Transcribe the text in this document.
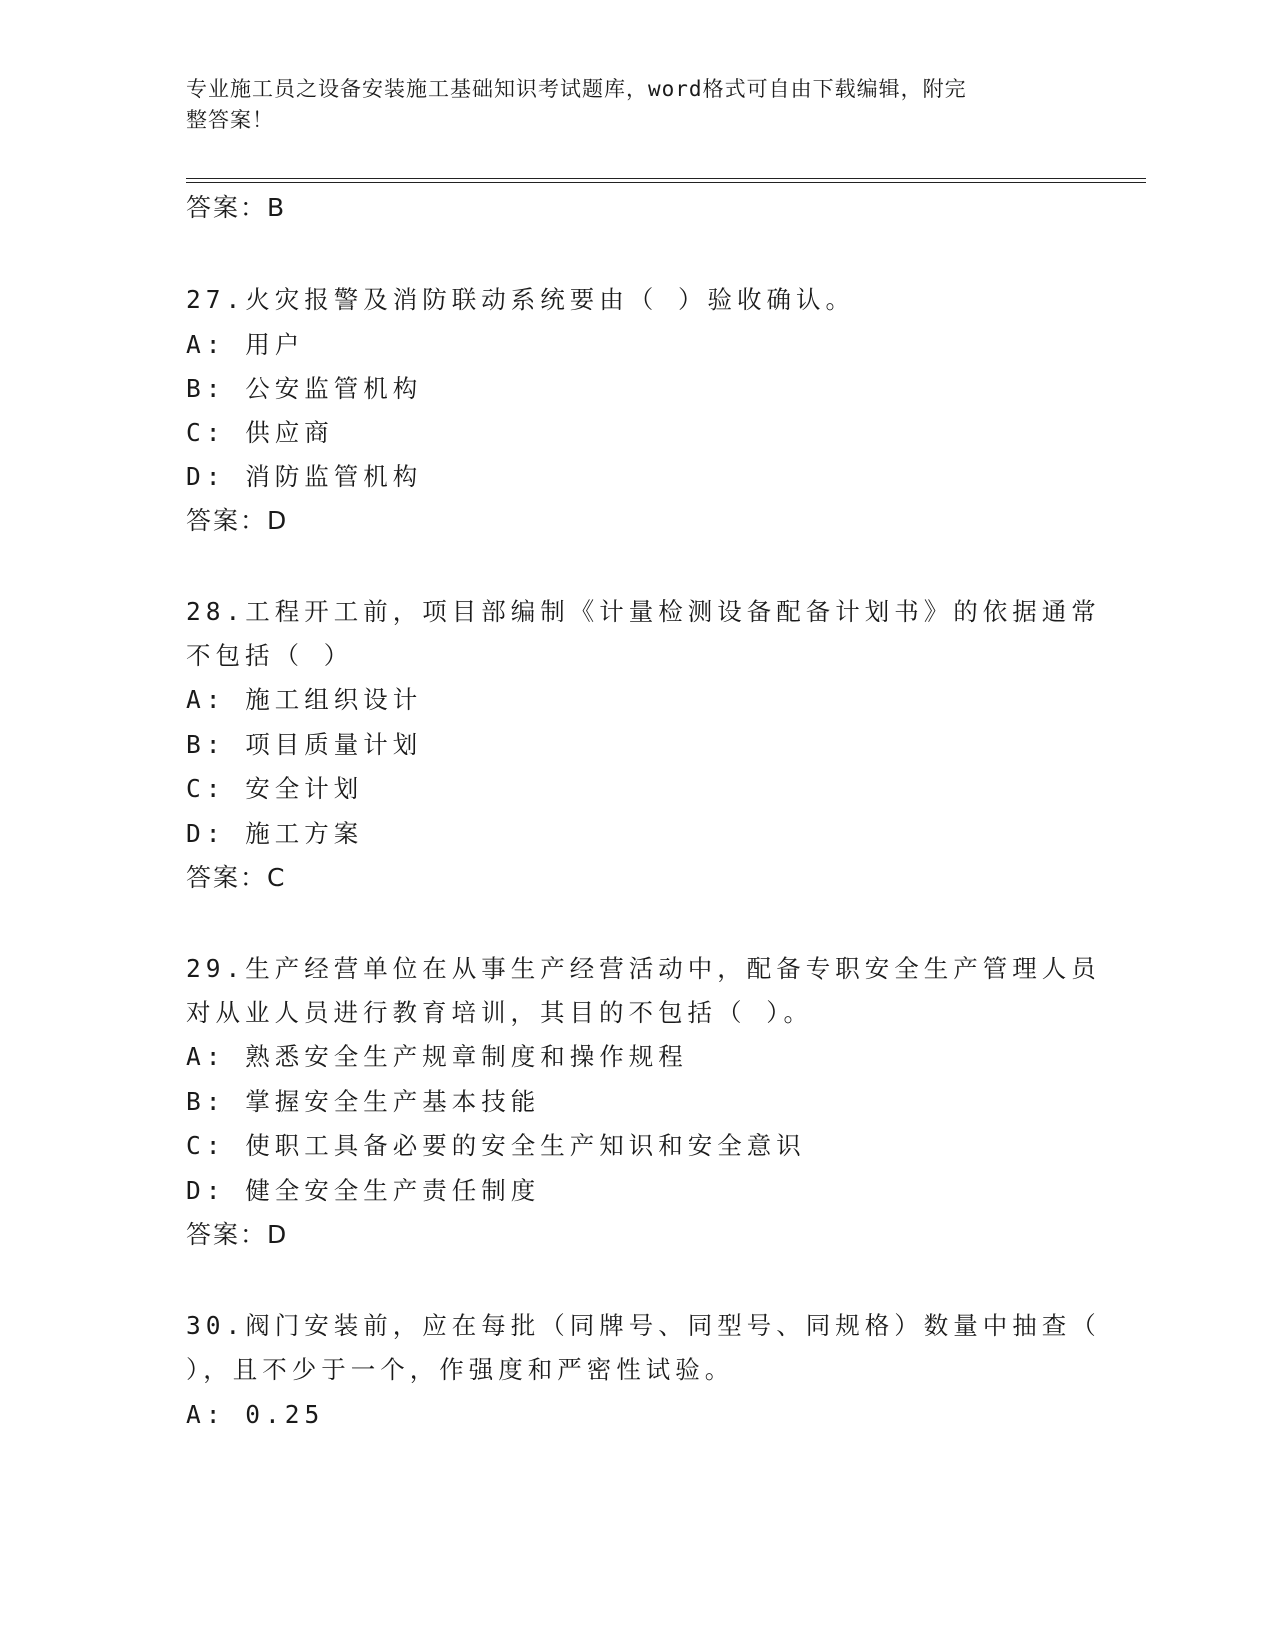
专业施工员之设备安装施工基础知识考试题库，word格式可自由下载编辑，附完
整答案！
答案：B
27.火灾报警及消防联动系统要由（ ）验收确认。
A: 用户
B: 公安监管机构
C: 供应商
D: 消防监管机构
答案：D
28.工程开工前，项目部编制《计量检测设备配备计划书》的依据通常
不包括（ ）
A: 施工组织设计
B: 项目质量计划
C: 安全计划
D: 施工方案
答案：C
29.生产经营单位在从事生产经营活动中，配备专职安全生产管理人员
对从业人员进行教育培训，其目的不包括（ ）。
A: 熟悉安全生产规章制度和操作规程
B: 掌握安全生产基本技能
C: 使职工具备必要的安全生产知识和安全意识
D: 健全安全生产责任制度
答案：D
30.阀门安装前，应在每批（同牌号、同型号、同规格）数量中抽查（
），且不少于一个，作强度和严密性试验。
A: 0.25
